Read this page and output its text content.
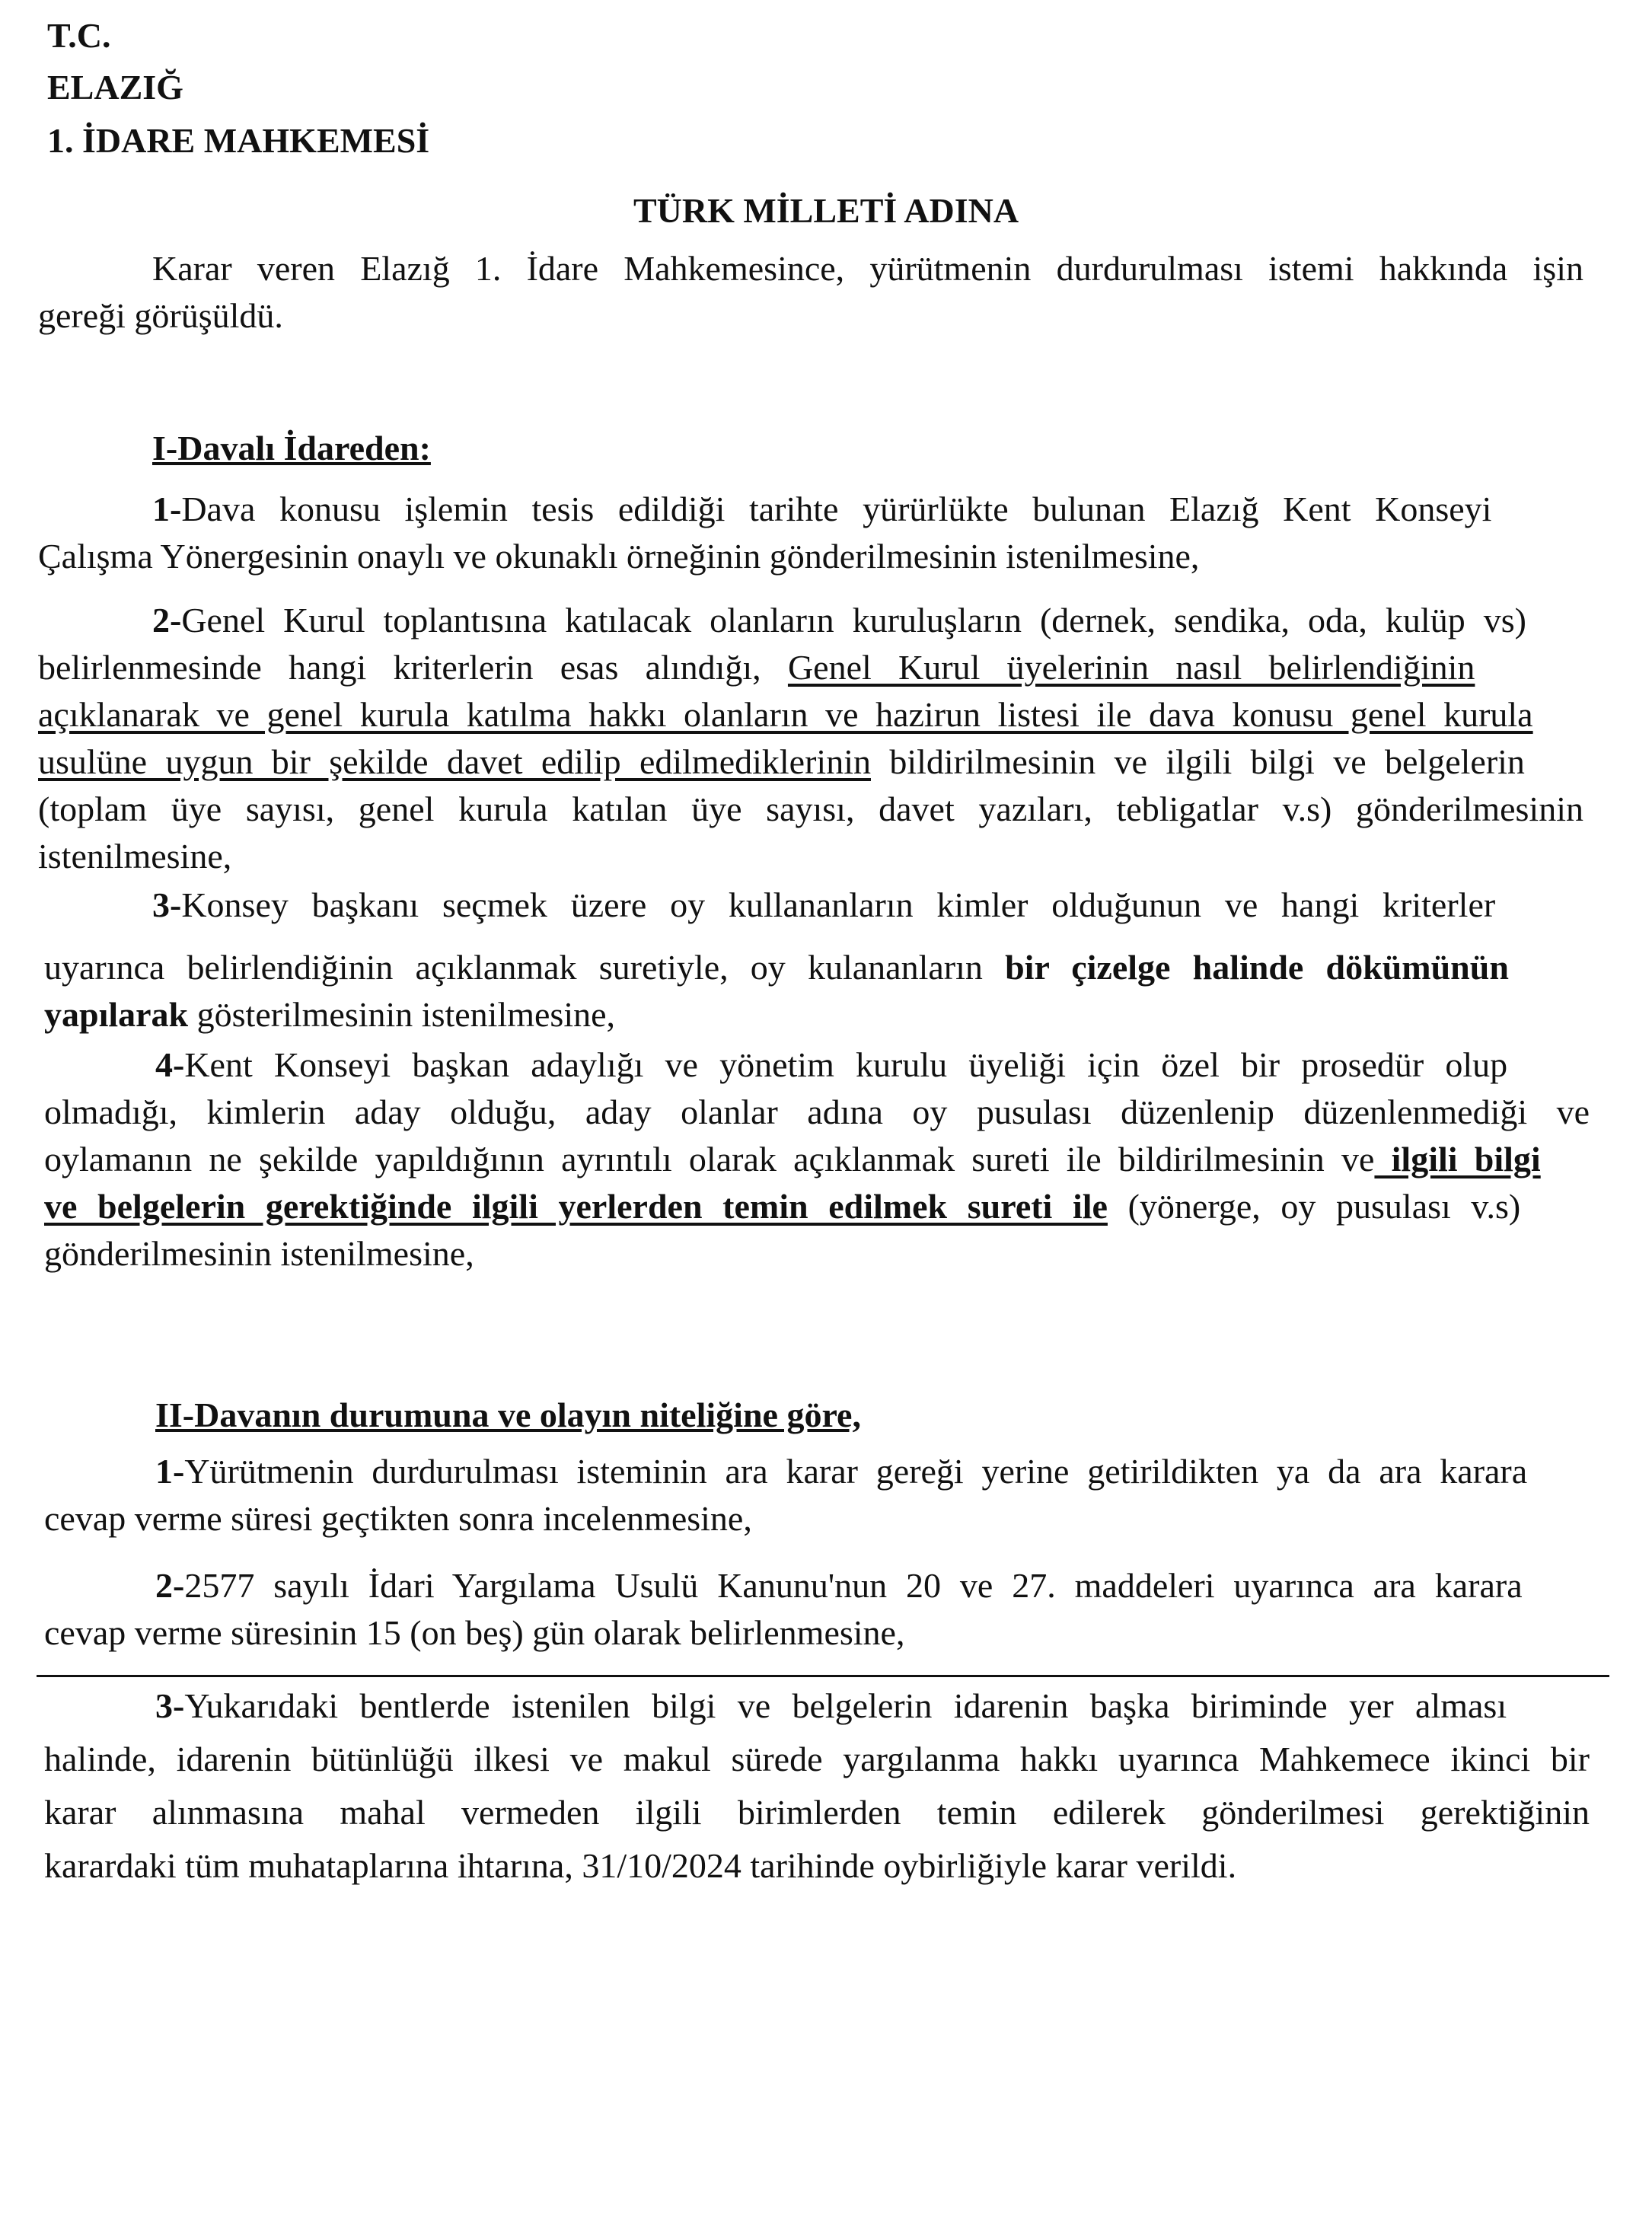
T.C.
ELAZIĞ
1. İDARE MAHKEMESİ
TÜRK MİLLETİ ADINA
Karar veren Elazığ 1. İdare Mahkemesince, yürütmenin durdurulması istemi hakkında işin
gereği görüşüldü.
I-Davalı İdareden:
1-Dava konusu işlemin tesis edildiği tarihte yürürlükte bulunan Elazığ Kent Konseyi
Çalışma Yönergesinin onaylı ve okunaklı örneğinin gönderilmesinin istenilmesine,
2-Genel Kurul toplantısına katılacak olanların kuruluşların (dernek, sendika, oda, kulüp vs)
belirlenmesinde hangi kriterlerin esas alındığı, Genel Kurul üyelerinin nasıl belirlendiğinin
açıklanarak ve genel kurula katılma hakkı olanların ve hazirun listesi ile dava konusu genel kurula
usulüne uygun bir şekilde davet edilip edilmediklerinin bildirilmesinin ve ilgili bilgi ve belgelerin
(toplam üye sayısı, genel kurula katılan üye sayısı, davet yazıları, tebligatlar v.s) gönderilmesinin
istenilmesine,
3-Konsey başkanı seçmek üzere oy kullananların kimler olduğunun ve hangi kriterler
uyarınca belirlendiğinin açıklanmak suretiyle, oy kulananların bir çizelge halinde dökümünün
yapılarak gösterilmesinin istenilmesine,
4-Kent Konseyi başkan adaylığı ve yönetim kurulu üyeliği için özel bir prosedür olup
olmadığı, kimlerin aday olduğu, aday olanlar adına oy pusulası düzenlenip düzenlenmediği ve
oylamanın ne şekilde yapıldığının ayrıntılı olarak açıklanmak sureti ile bildirilmesinin ve ilgili bilgi
ve belgelerin gerektiğinde ilgili yerlerden temin edilmek sureti ile (yönerge, oy pusulası v.s)
gönderilmesinin istenilmesine,
II-Davanın durumuna ve olayın niteliğine göre,
1-Yürütmenin durdurulması isteminin ara karar gereği yerine getirildikten ya da ara karara
cevap verme süresi geçtikten sonra incelenmesine,
2-2577 sayılı İdari Yargılama Usulü Kanunu'nun 20 ve 27. maddeleri uyarınca ara karara
cevap verme süresinin 15 (on beş) gün olarak belirlenmesine,
3-Yukarıdaki bentlerde istenilen bilgi ve belgelerin idarenin başka biriminde yer alması
halinde, idarenin bütünlüğü ilkesi ve makul sürede yargılanma hakkı uyarınca Mahkemece ikinci bir
karar alınmasına mahal vermeden ilgili birimlerden temin edilerek gönderilmesi gerektiğinin
karardaki tüm muhataplarına ihtarına, 31/10/2024 tarihinde oybirliğiyle karar verildi.
